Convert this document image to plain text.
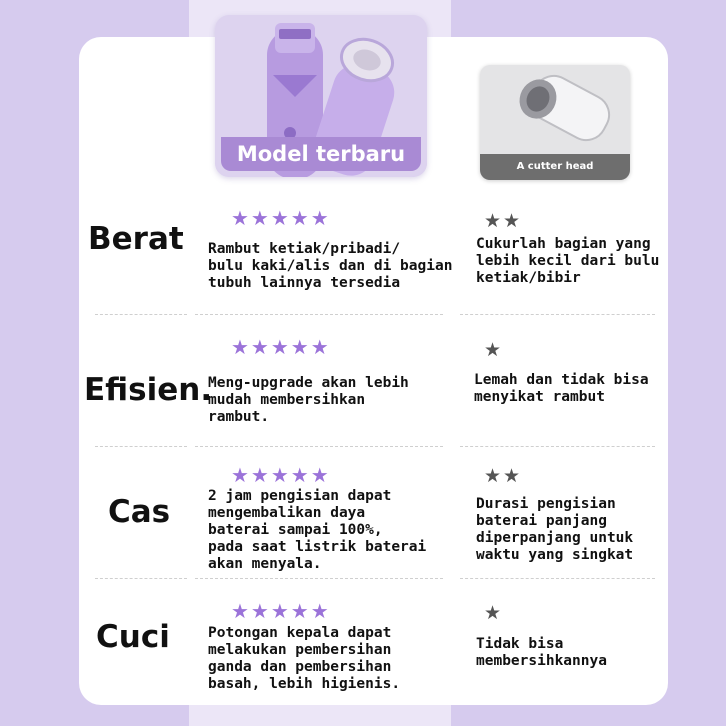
Model terbaru
A cutter head
Berat
★★★★★
Rambut ketiak/pribadi/
bulu kaki/alis dan di bagian
tubuh lainnya tersedia
★★
Cukurlah bagian yang
lebih kecil dari bulu
ketiak/bibir
Efisien.
★★★★★
Meng-upgrade akan lebih
mudah membersihkan
rambut.
★
Lemah dan tidak bisa
menyikat rambut
Cas
★★★★★
2 jam pengisian dapat
mengembalikan daya
baterai sampai 100%,
pada saat listrik baterai
akan menyala.
★★
Durasi pengisian
baterai panjang
diperpanjang untuk
waktu yang singkat
Cuci
★★★★★
Potongan kepala dapat
melakukan pembersihan
ganda dan pembersihan
basah, lebih higienis.
★
Tidak bisa
membersihkannya
